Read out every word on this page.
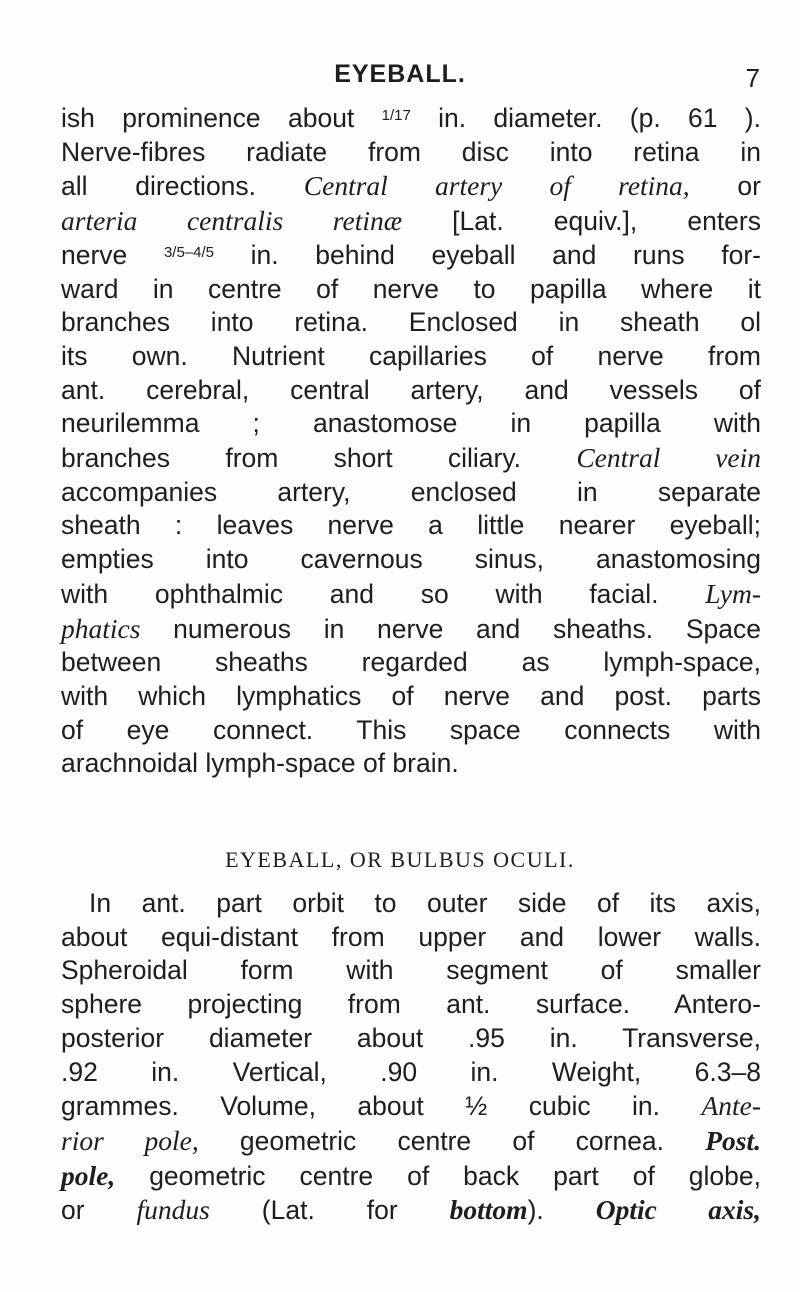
EYEBALL.	7
ish prominence about $^{1/17}$ in. diameter. (p. 61 ).
Nerve-fibres radiate from disc into retina in
all directions. Central artery of retina, or
arteria centralis retinæ [Lat. equiv.], enters
nerve $^{3/5-4/5}$ in. behind eyeball and runs for-
ward in centre of nerve to papilla where it
branches into retina. Enclosed in sheath ol
its own. Nutrient capillaries of nerve from
ant. cerebral, central artery, and vessels of
neurilemma ; anastomose in papilla with
branches from short ciliary. Central vein
accompanies artery, enclosed in separate
sheath : leaves nerve a little nearer eyeball;
empties into cavernous sinus, anastomosing
with ophthalmic and so with facial. Lym-
phatics numerous in nerve and sheaths. Space
between sheaths regarded as lymph-space,
with which lymphatics of nerve and post. parts
of eye connect. This space connects with
arachnoidal lymph-space of brain.
EYEBALL, OR BULBUS OCULI.
In ant. part orbit to outer side of its axis,
about equi-distant from upper and lower walls.
Spheroidal form with segment of smaller
sphere projecting from ant. surface. Antero-
posterior diameter about .95 in. Transverse,
.92 in. Vertical, .90 in. Weight, 6.3–8
grammes. Volume, about ½ cubic in. Ante-
rior pole, geometric centre of cornea. Post.
pole, geometric centre of back part of globe,
or fundus (Lat. for bottom). Optic axis,
